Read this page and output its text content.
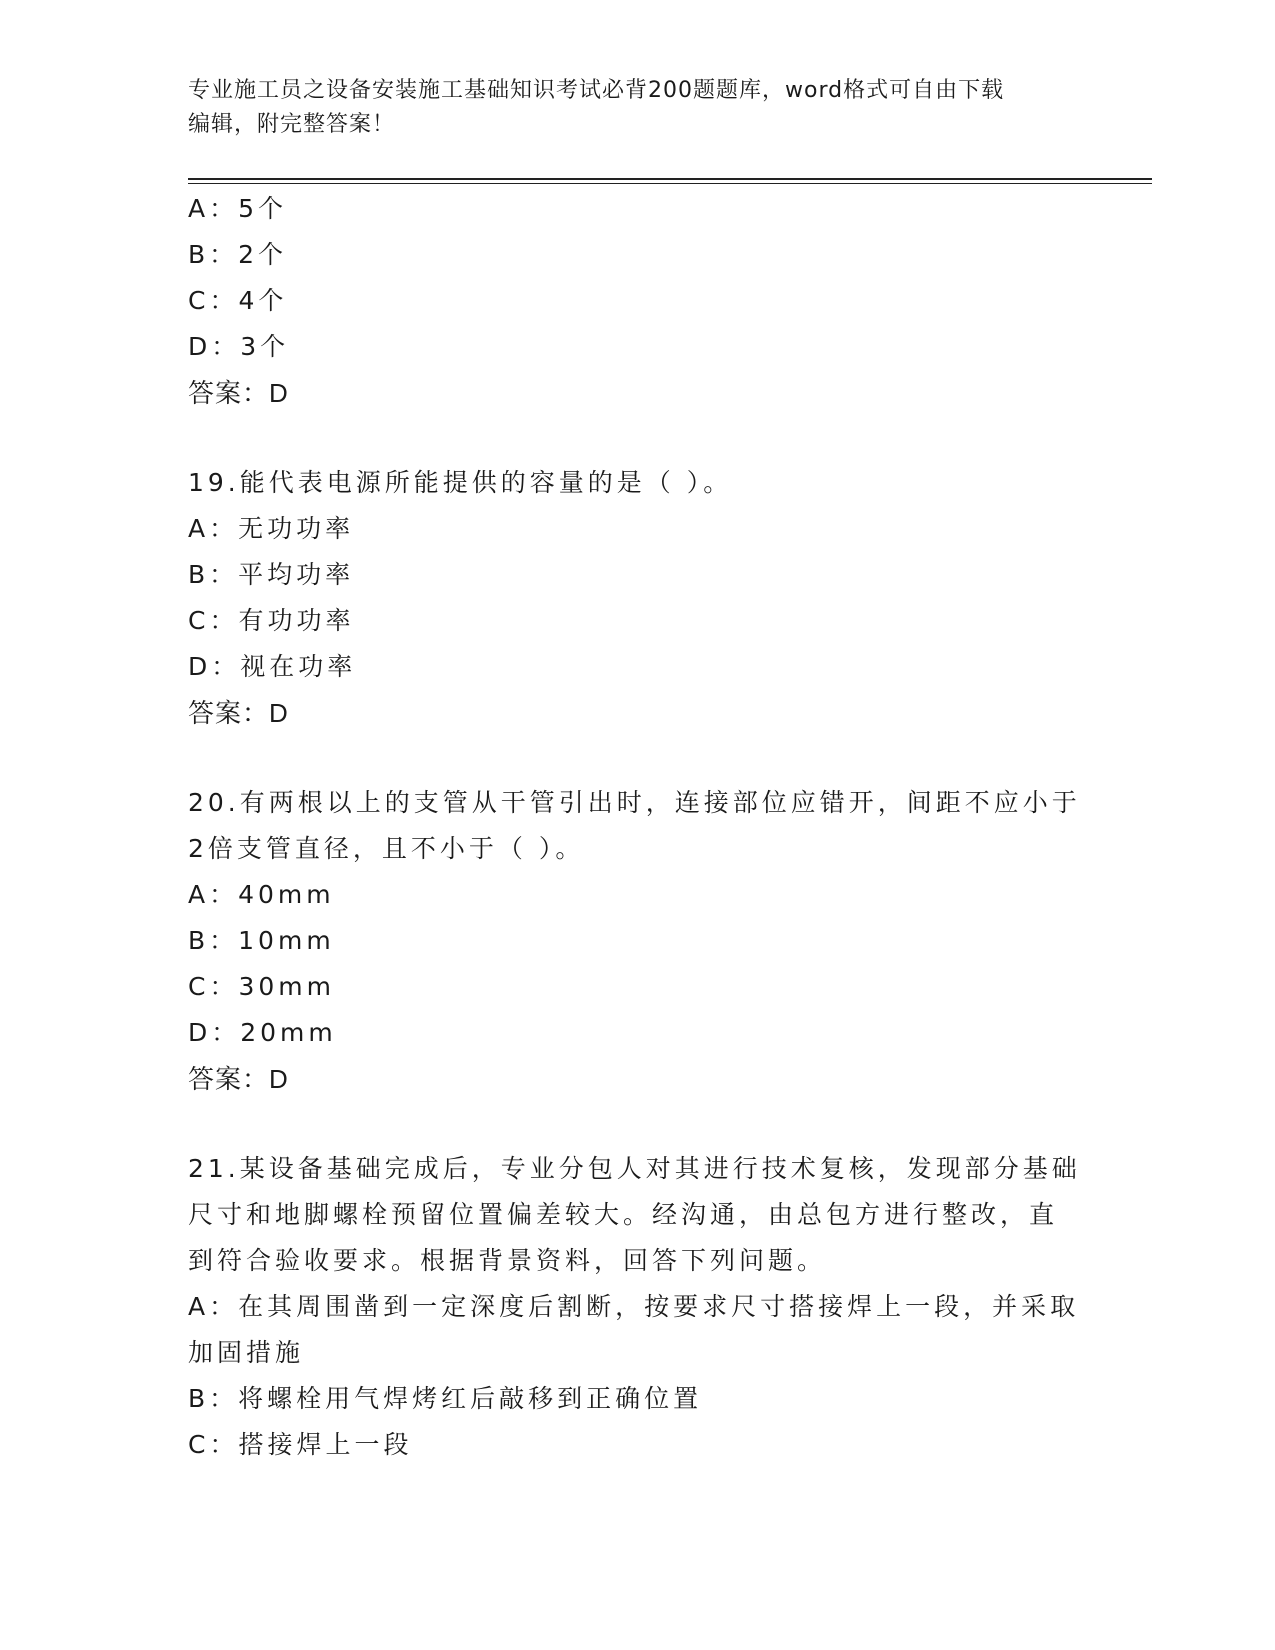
专业施工员之设备安装施工基础知识考试必背200题题库，word格式可自由下载
编辑，附完整答案！
A：5个
B：2个
C：4个
D：3个
答案：D
19.能代表电源所能提供的容量的是（ ）。
A：无功功率
B：平均功率
C：有功功率
D：视在功率
答案：D
20.有两根以上的支管从干管引出时，连接部位应错开，间距不应小于
2倍支管直径，且不小于（ ）。
A：40mm
B：10mm
C：30mm
D：20mm
答案：D
21.某设备基础完成后，专业分包人对其进行技术复核，发现部分基础
尺寸和地脚螺栓预留位置偏差较大。经沟通，由总包方进行整改，直
到符合验收要求。根据背景资料，回答下列问题。
A：在其周围凿到一定深度后割断，按要求尺寸搭接焊上一段，并采取
加固措施
B：将螺栓用气焊烤红后敲移到正确位置
C：搭接焊上一段
